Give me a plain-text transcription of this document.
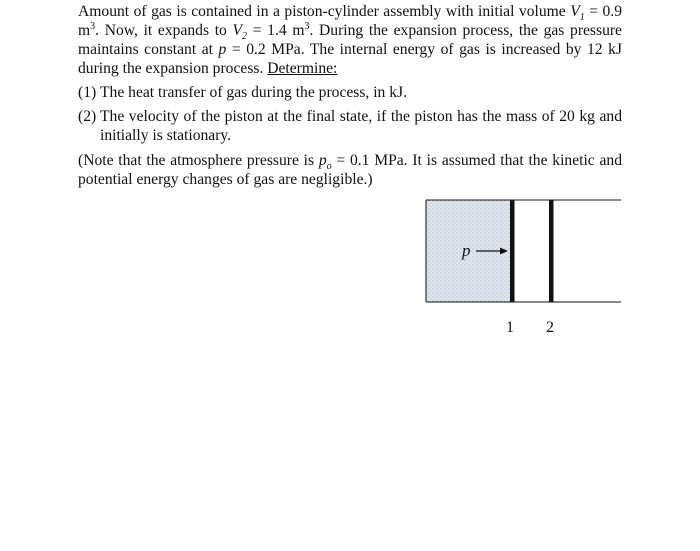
Amount of gas is contained in a piston-cylinder assembly with initial volume $V_1 = 0.9$ $m^3$. Now, it expands to $V_2 = 1.4$ $m^3$. During the expansion process, the gas pressure maintains constant at p = 0.2 MPa. The internal energy of gas is increased by 12 kJ during the expansion process. Determine:

(1) The heat transfer of gas during the process, in kJ.
(2) The velocity of the piston at the final state, if the piston has the mass of 20 kg and initially is stationary.

(Note that the atmosphere pressure is $p_o = 0.1$ MPa. It is assumed that the kinetic and potential energy changes of gas are negligible.)

p
1 2
